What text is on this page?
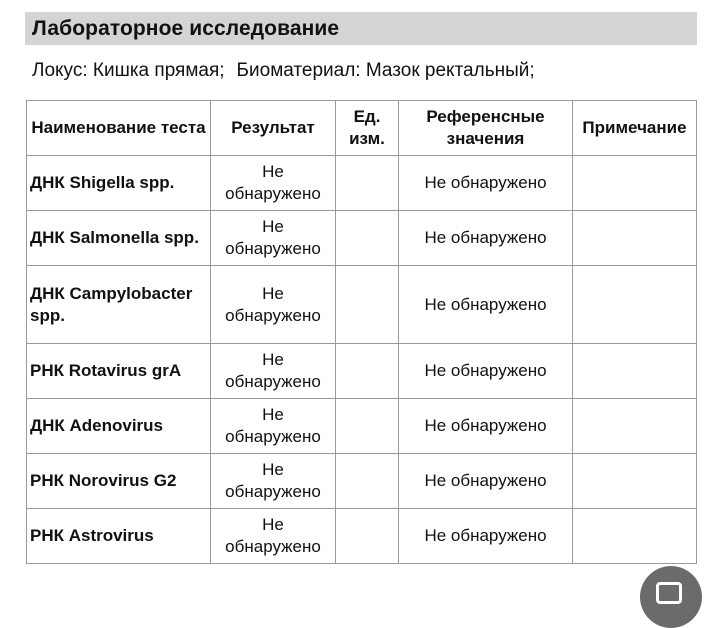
Лабораторное исследование
Локус: Кишка прямая; Биоматериал: Мазок ректальный;
Наименование теста	Результат	Ед. изм.	Референсные значения	Примечание
ДНК Shigella spp.	Не обнаружено		Не обнаружено	
ДНК Salmonella spp.	Не обнаружено		Не обнаружено	
ДНК Campylobacter spp.	Не обнаружено		Не обнаружено	
РНК Rotavirus grA	Не обнаружено		Не обнаружено	
ДНК Adenovirus	Не обнаружено		Не обнаружено	
РНК Norovirus G2	Не обнаружено		Не обнаружено	
РНК Astrovirus	Не обнаружено		Не обнаружено	
